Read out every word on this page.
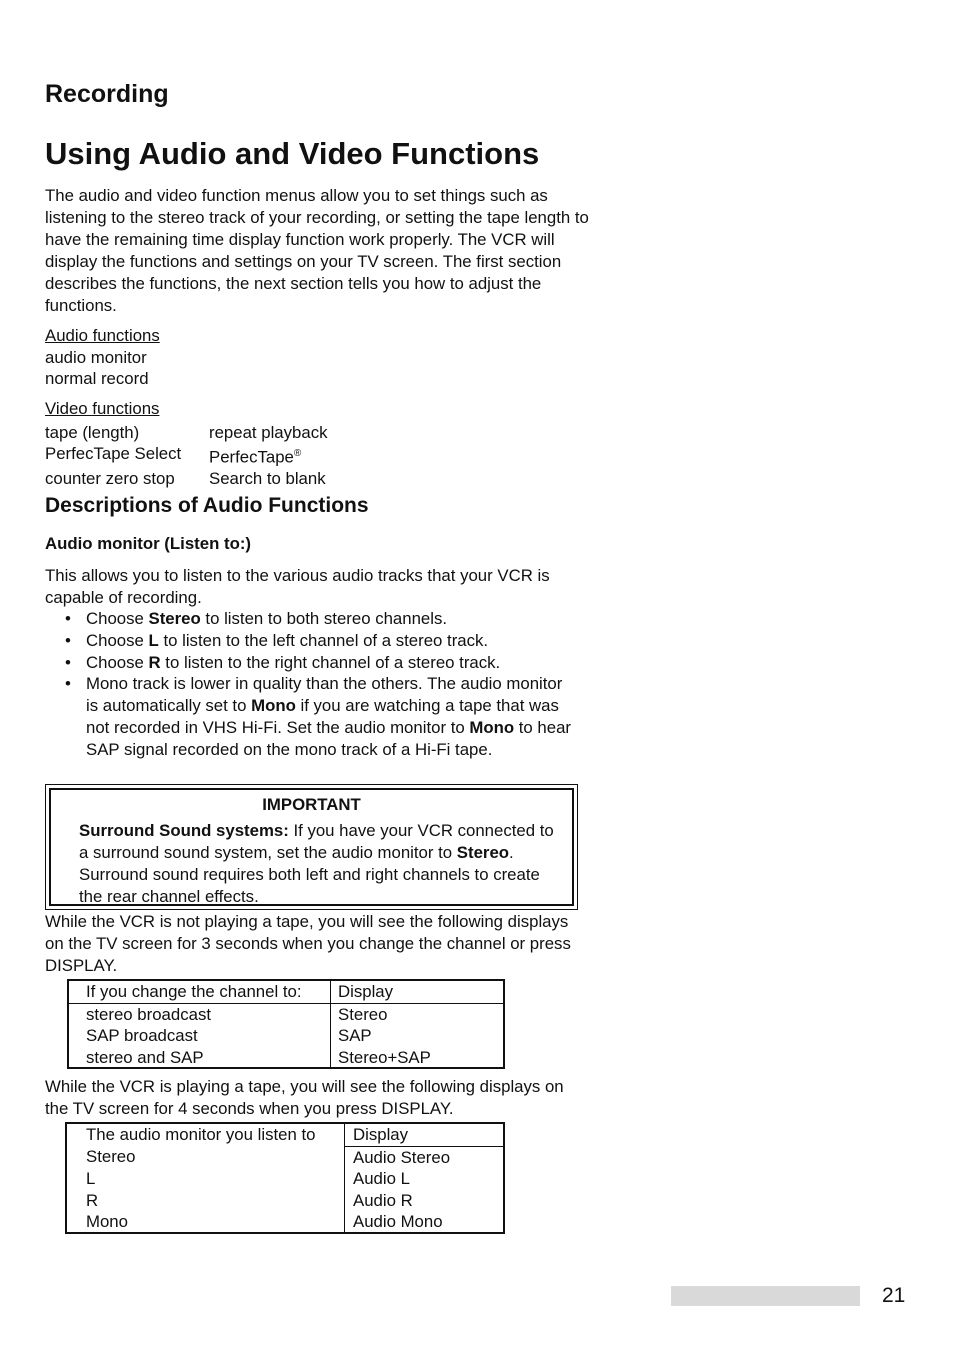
Recording
Using Audio and Video Functions
The audio and video function menus allow you to set things such as listening to the stereo track of your recording, or setting the tape length to have the remaining time display function work properly. The VCR will display the functions and settings on your TV screen. The first section describes the functions, the next section tells you how to adjust the functions.
Audio functions
audio monitor
normal record
Video functions
tape (length)	repeat playback
PerfecTape Select	PerfecTape®
counter zero stop	Search to blank
Descriptions of Audio Functions
Audio monitor (Listen to:)
This allows you to listen to the various audio tracks that your VCR is capable of recording.
• Choose Stereo to listen to both stereo channels.
• Choose L to listen to the left channel of a stereo track.
• Choose R to listen to the right channel of a stereo track.
• Mono track is lower in quality than the others. The audio monitor is automatically set to Mono if you are watching a tape that was not recorded in VHS Hi-Fi. Set the audio monitor to Mono to hear SAP signal recorded on the mono track of a Hi-Fi tape.
IMPORTANT
Surround Sound systems: If you have your VCR connected to a surround sound system, set the audio monitor to Stereo. Surround sound requires both left and right channels to create the rear channel effects.
While the VCR is not playing a tape, you will see the following displays on the TV screen for 3 seconds when you change the channel or press DISPLAY.
If you change the channel to:	Display
stereo broadcast	Stereo
SAP broadcast	SAP
stereo and SAP	Stereo+SAP
While the VCR is playing a tape, you will see the following displays on the TV screen for 4 seconds when you press DISPLAY.
The audio monitor you listen to	Display
Stereo	Audio Stereo
L	Audio L
R	Audio R
Mono	Audio Mono
21
